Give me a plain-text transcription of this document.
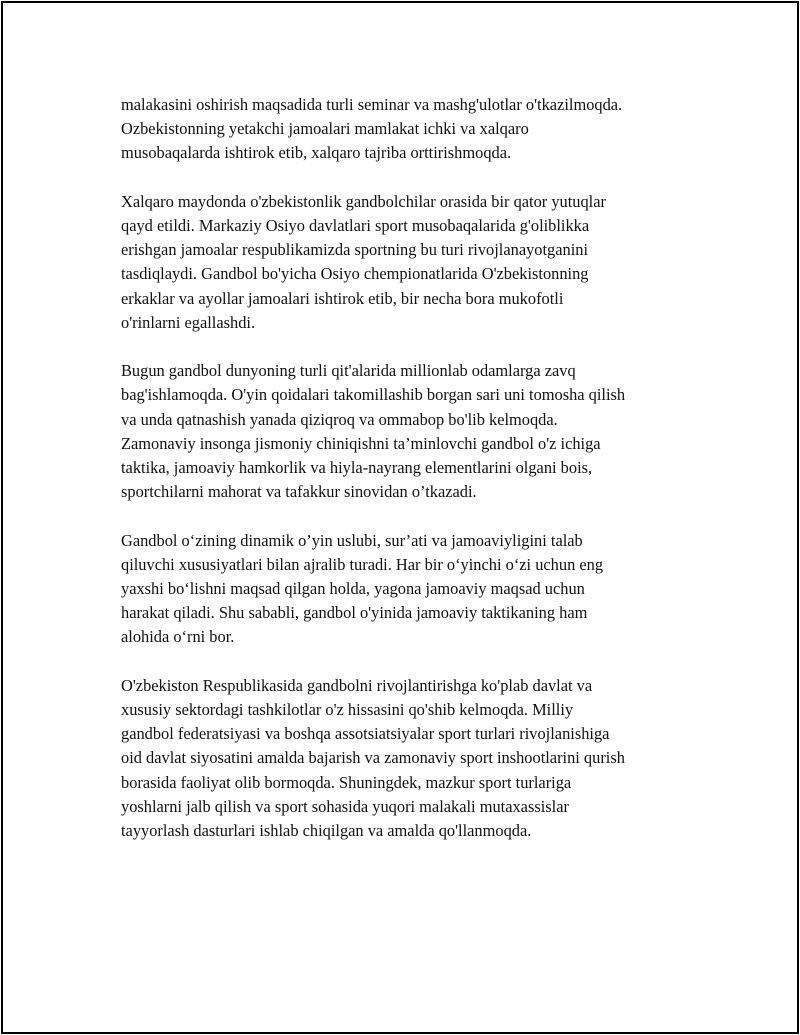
malakasini oshirish maqsadida turli seminar va mashg'ulotlar o'tkazilmoqda.
Ozbekistonning yetakchi jamoalari mamlakat ichki va xalqaro
musobaqalarda ishtirok etib, xalqaro tajriba orttirishmoqda.

Xalqaro maydonda o'zbekistonlik gandbolchilar orasida bir qator yutuqlar
qayd etildi. Markaziy Osiyo davlatlari sport musobaqalarida g'oliblikka
erishgan jamoalar respublikamizda sportning bu turi rivojlanayotganini
tasdiqlaydi. Gandbol bo'yicha Osiyo chempionatlarida O'zbekistonning
erkaklar va ayollar jamoalari ishtirok etib, bir necha bora mukofotli
o'rinlarni egallashdi.

Bugun gandbol dunyoning turli qit'alarida millionlab odamlarga zavq
bag'ishlamoqda. O'yin qoidalari takomillashib borgan sari uni tomosha qilish
va unda qatnashish yanada qiziqroq va ommabop bo'lib kelmoqda.
Zamonaviy insonga jismoniy chiniqishni ta’minlovchi gandbol o'z ichiga
taktika, jamoaviy hamkorlik va hiyla-nayrang elementlarini olgani bois,
sportchilarni mahorat va tafakkur sinovidan o’tkazadi.

Gandbol o‘zining dinamik o’yin uslubi, sur’ati va jamoaviyligini talab
qiluvchi xususiyatlari bilan ajralib turadi. Har bir o‘yinchi o‘zi uchun eng
yaxshi bo‘lishni maqsad qilgan holda, yagona jamoaviy maqsad uchun
harakat qiladi. Shu sababli, gandbol o'yinida jamoaviy taktikaning ham
alohida o‘rni bor.

O'zbekiston Respublikasida gandbolni rivojlantirishga ko'plab davlat va
xususiy sektordagi tashkilotlar o'z hissasini qo'shib kelmoqda. Milliy
gandbol federatsiyasi va boshqa assotsiatsiyalar sport turlari rivojlanishiga
oid davlat siyosatini amalda bajarish va zamonaviy sport inshootlarini qurish
borasida faoliyat olib bormoqda. Shuningdek, mazkur sport turlariga
yoshlarni jalb qilish va sport sohasida yuqori malakali mutaxassislar
tayyorlash dasturlari ishlab chiqilgan va amalda qo'llanmoqda.
